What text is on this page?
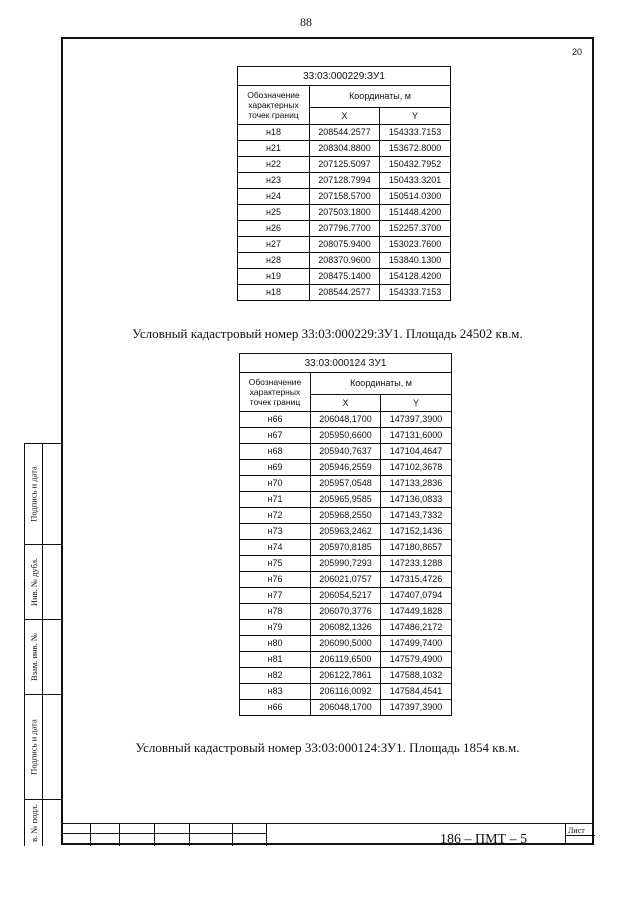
88
20
33:03:000229:ЗУ1		
Обозначение характерных точек границ	Координаты, м	
	X	Y
н18	208544.2577	154333.7153
н21	208304.8800	153672.8000
н22	207125.5097	150432.7952
н23	207128.7994	150433.3201
н24	207158.5700	150514.0300
н25	207503.1800	151448.4200
н26	207796.7700	152257.3700
н27	208075.9400	153023.7600
н28	208370.9600	153840.1300
н19	208475.1400	154128.4200
н18	208544.2577	154333.7153
Условный кадастровый номер 33:03:000229:ЗУ1. Площадь 24502 кв.м.
33:03:000124 ЗУ1		
Обозначение характерных точек границ	Координаты, м	
	X	Y
н66	206048,1700	147397,3900
н67	205950,6600	147131,6000
н68	205940,7637	147104,4647
н69	205946,2559	147102,3678
н70	205957,0548	147133,2836
н71	205965,9585	147136,0833
н72	205968,2550	147143,7332
н73	205963,2462	147152,1436
н74	205970,8185	147180,8657
н75	205990,7293	147233,1288
н76	206021,0757	147315,4726
н77	206054,5217	147407,0794
н78	206070,3776	147449,1828
н79	206082,1326	147486,2172
н80	206090,5000	147499,7400
н81	206119,6500	147579,4900
н82	206122,7861	147588,1032
н83	206116,0092	147584,4541
н66	206048,1700	147397,3900
Условный кадастровый номер 33:03:000124:ЗУ1. Площадь 1854 кв.м.
Подпись и дата
Инв. № дубл.
Взам. инв. №
Подпись и дата
в. № подл.	186 – ПМТ – 5
Лист
